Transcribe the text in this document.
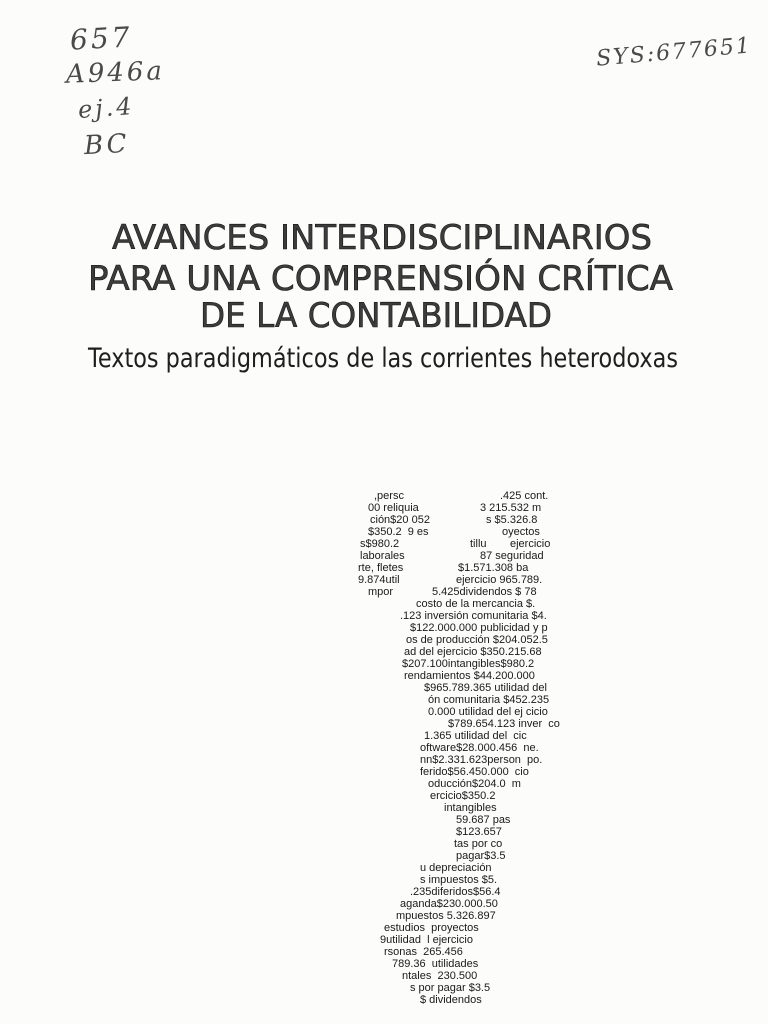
657
A946a
ej.4
BC
SYS:677651
AVANCES INTERDISCIPLINARIOS
PARA UNA COMPRENSIÓN CRÍTICA
DE LA CONTABILIDAD
Textos paradigmáticos de las corrientes heterodoxas
,persc	.425 cont.
00 reliquia	3 215.532 m
ción$20 052	s $5.326.8
$350.2  9 es	oyectos
s$980.2	tillu ejercicio
laborales	87 seguridad
rte, fletes	$1.571.308 ba
9.874util	ejercicio 965.789.
mpor	5.425dividendos $ 78
costo de la mercancia $.
.123 inversión comunitaria $4.
$122.000.000 publicidad y p
os de producción $204.052.5
ad del ejercicio $350.215.68
$207.100intangibles$980.2
rendamientos $44.200.000
$965.789.365 utilidad del
ón comunitaria $452.235
0.000 utilidad del ej cicio
$789.654.123 inver  co
1.365 utilidad del  cic
oftware$28.000.456  ne.
nn$2.331.623person  po.
ferido$56.450.000  cio
oducción$204.0  m
ercicio$350.2
intangibles
59.687 pas
$123.657
tas por co
pagar$3.5
u depreciación
s impuestos $5.
.235diferidos$56.4
aganda$230.000.50
mpuestos 5.326.897
estudios  proyectos
9utilidad  l ejercicio
rsonas  265.456
789.36  utilidades
ntales  230.500
s por pagar $3.5
$ dividendos
